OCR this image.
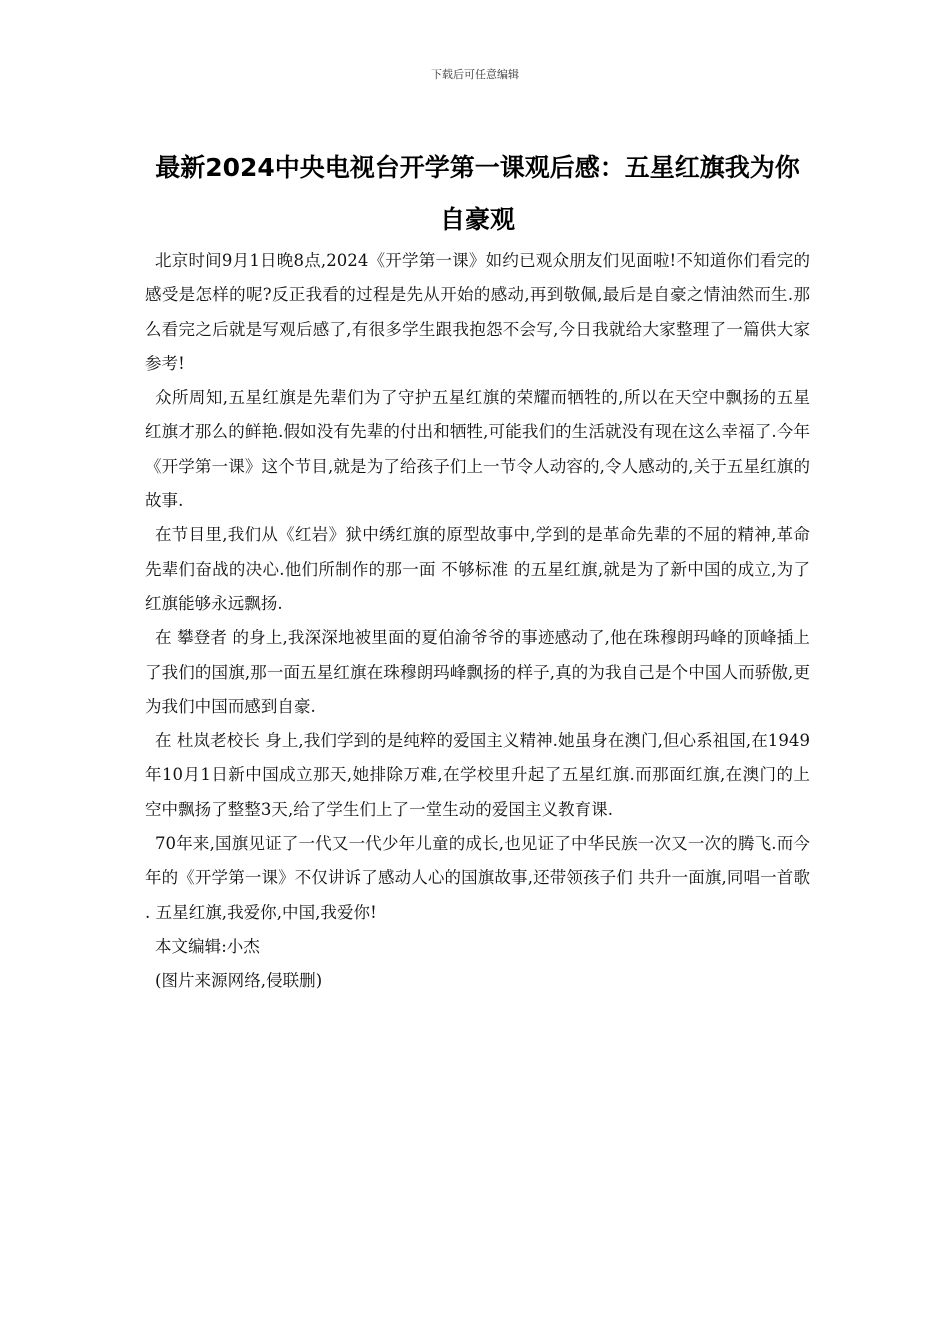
下载后可任意编辑
最新2024中央电视台开学第一课观后感：五星红旗我为你自豪观

北京时间9月1日晚8点,2024《开学第一课》如约已观众朋友们见面啦!不知道你们看完的感受是怎样的呢?反正我看的过程是先从开始的感动,再到敬佩,最后是自豪之情油然而生.那么看完之后就是写观后感了,有很多学生跟我抱怨不会写,今日我就给大家整理了一篇供大家参考!

众所周知,五星红旗是先辈们为了守护五星红旗的荣耀而牺牲的,所以在天空中飘扬的五星红旗才那么的鲜艳.假如没有先辈的付出和牺牲,可能我们的生活就没有现在这么幸福了.今年《开学第一课》这个节目,就是为了给孩子们上一节令人动容的,令人感动的,关于五星红旗的故事.

在节目里,我们从《红岩》狱中绣红旗的原型故事中,学到的是革命先辈的不屈的精神,革命先辈们奋战的决心.他们所制作的那一面 不够标准 的五星红旗,就是为了新中国的成立,为了红旗能够永远飘扬.

在 攀登者 的身上,我深深地被里面的夏伯渝爷爷的事迹感动了,他在珠穆朗玛峰的顶峰插上了我们的国旗,那一面五星红旗在珠穆朗玛峰飘扬的样子,真的为我自己是个中国人而骄傲,更为我们中国而感到自豪.

在 杜岚老校长 身上,我们学到的是纯粹的爱国主义精神.她虽身在澳门,但心系祖国,在1949年10月1日新中国成立那天,她排除万难,在学校里升起了五星红旗.而那面红旗,在澳门的上空中飘扬了整整3天,给了学生们上了一堂生动的爱国主义教育课.

70年来,国旗见证了一代又一代少年儿童的成长,也见证了中华民族一次又一次的腾飞.而今年的《开学第一课》不仅讲诉了感动人心的国旗故事,还带领孩子们 共升一面旗,同唱一首歌 . 五星红旗,我爱你,中国,我爱你!

本文编辑:小杰

(图片来源网络,侵联删)
